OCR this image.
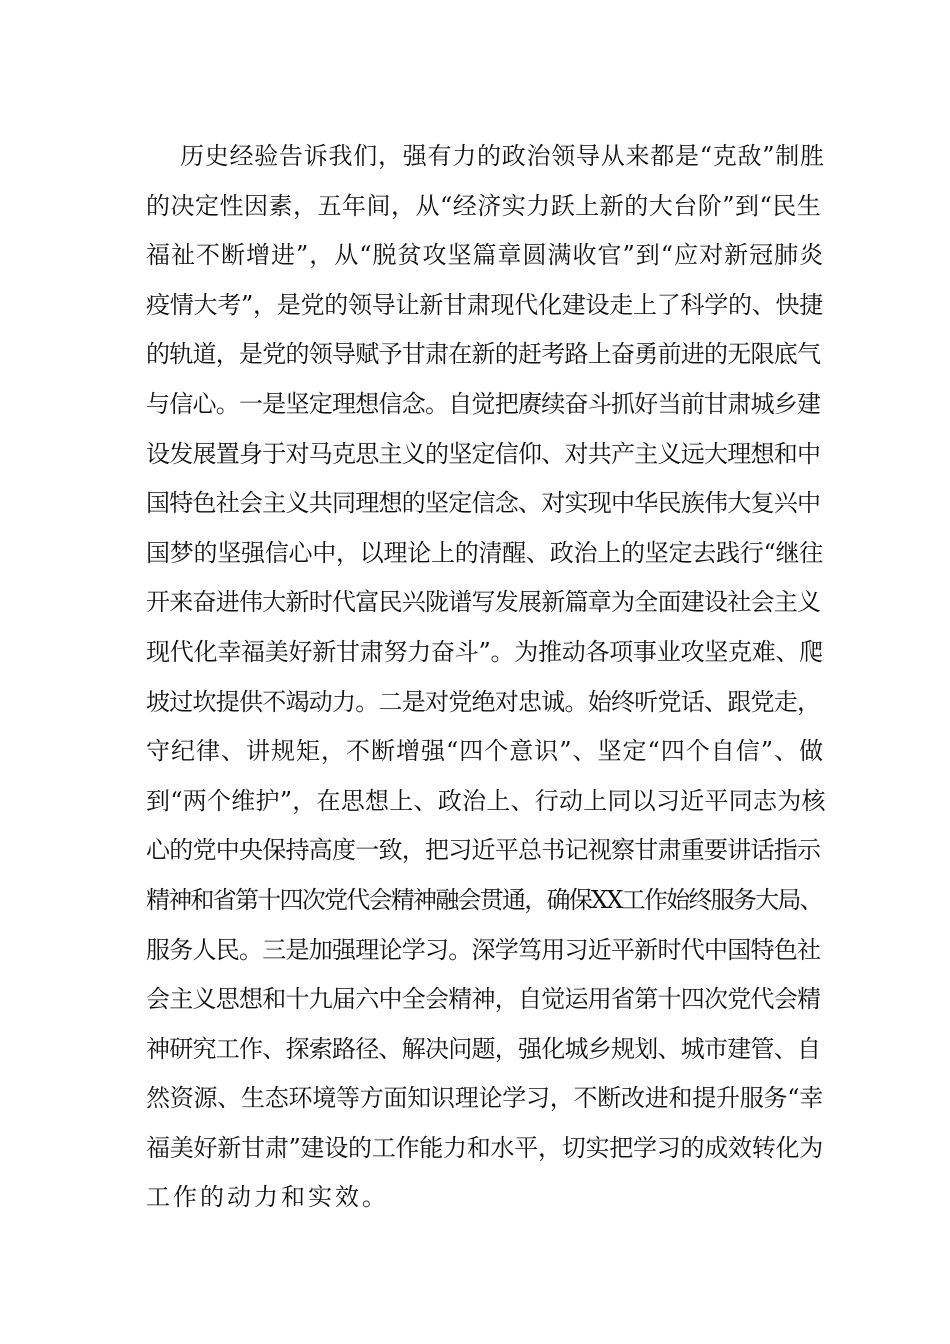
历史经验告诉我们，强有力的政治领导从来都是“克敌”制胜
的决定性因素，五年间，从“经济实力跃上新的大台阶”到“民生
福祉不断增进”，从“脱贫攻坚篇章圆满收官”到“应对新冠肺炎
疫情大考”，是党的领导让新甘肃现代化建设走上了科学的、快捷
的轨道，是党的领导赋予甘肃在新的赶考路上奋勇前进的无限底气
与信心。一是坚定理想信念。自觉把赓续奋斗抓好当前甘肃城乡建
设发展置身于对马克思主义的坚定信仰、对共产主义远大理想和中
国特色社会主义共同理想的坚定信念、对实现中华民族伟大复兴中
国梦的坚强信心中，以理论上的清醒、政治上的坚定去践行“继往
开来奋进伟大新时代富民兴陇谱写发展新篇章为全面建设社会主义
现代化幸福美好新甘肃努力奋斗”。为推动各项事业攻坚克难、爬
坡过坎提供不竭动力。二是对党绝对忠诚。始终听党话、跟党走，
守纪律、讲规矩，不断增强“四个意识”、坚定“四个自信”、做
到“两个维护”，在思想上、政治上、行动上同以习近平同志为核
心的党中央保持高度一致，把习近平总书记视察甘肃重要讲话指示
精神和省第十四次党代会精神融会贯通，确保XX工作始终服务大局、
服务人民。三是加强理论学习。深学笃用习近平新时代中国特色社
会主义思想和十九届六中全会精神，自觉运用省第十四次党代会精
神研究工作、探索路径、解决问题，强化城乡规划、城市建管、自
然资源、生态环境等方面知识理论学习，不断改进和提升服务“幸
福美好新甘肃”建设的工作能力和水平，切实把学习的成效转化为
工作的动力和实效。
